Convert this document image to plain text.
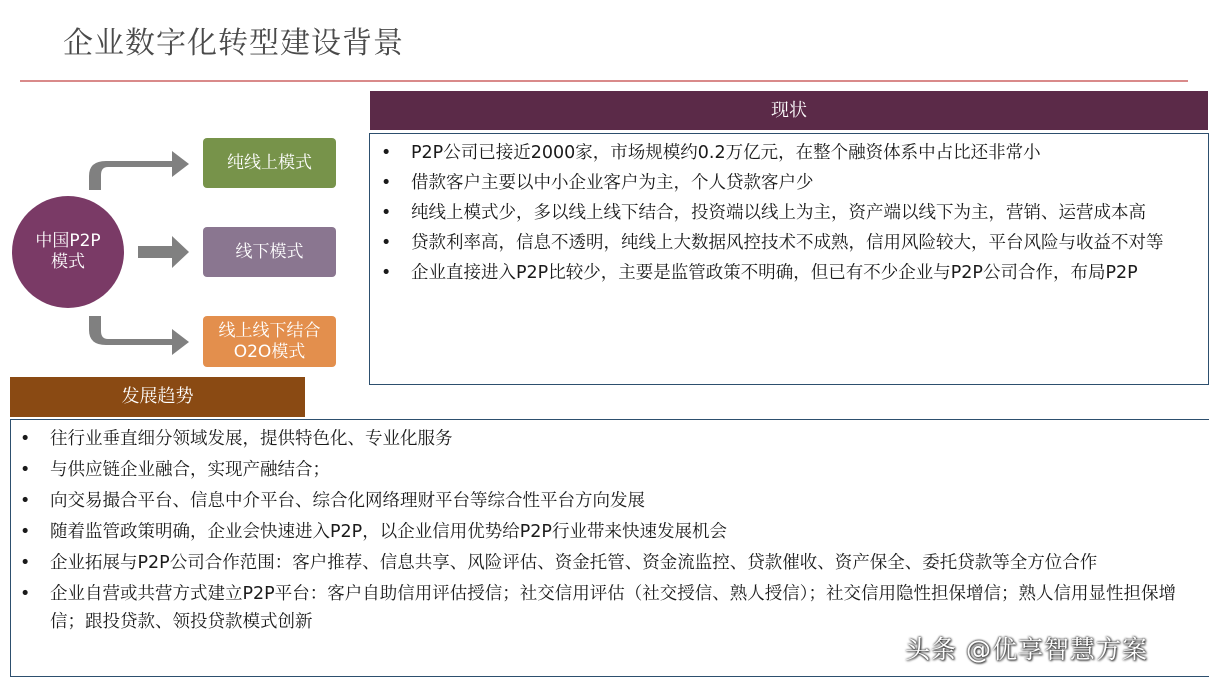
企业数字化转型建设背景
中国P2P模式
纯线上模式
线下模式
线上线下结合O2O模式
现状
• P2P公司已接近2000家，市场规模约0.2万亿元，在整个融资体系中占比还非常小
• 借款客户主要以中小企业客户为主，个人贷款客户少
• 纯线上模式少，多以线上线下结合，投资端以线上为主，资产端以线下为主，营销、运营成本高
• 贷款利率高，信息不透明，纯线上大数据风控技术不成熟，信用风险较大，平台风险与收益不对等
• 企业直接进入P2P比较少，主要是监管政策不明确，但已有不少企业与P2P公司合作，布局P2P
发展趋势
• 往行业垂直细分领域发展，提供特色化、专业化服务
• 与供应链企业融合，实现产融结合；
• 向交易撮合平台、信息中介平台、综合化网络理财平台等综合性平台方向发展
• 随着监管政策明确，企业会快速进入P2P，以企业信用优势给P2P行业带来快速发展机会
• 企业拓展与P2P公司合作范围：客户推荐、信息共享、风险评估、资金托管、资金流监控、贷款催收、资产保全、委托贷款等全方位合作
• 企业自营或共营方式建立P2P平台：客户自助信用评估授信；社交信用评估（社交授信、熟人授信）；社交信用隐性担保增信；熟人信用显性担保增信；跟投贷款、领投贷款模式创新
头条 @优享智慧方案
